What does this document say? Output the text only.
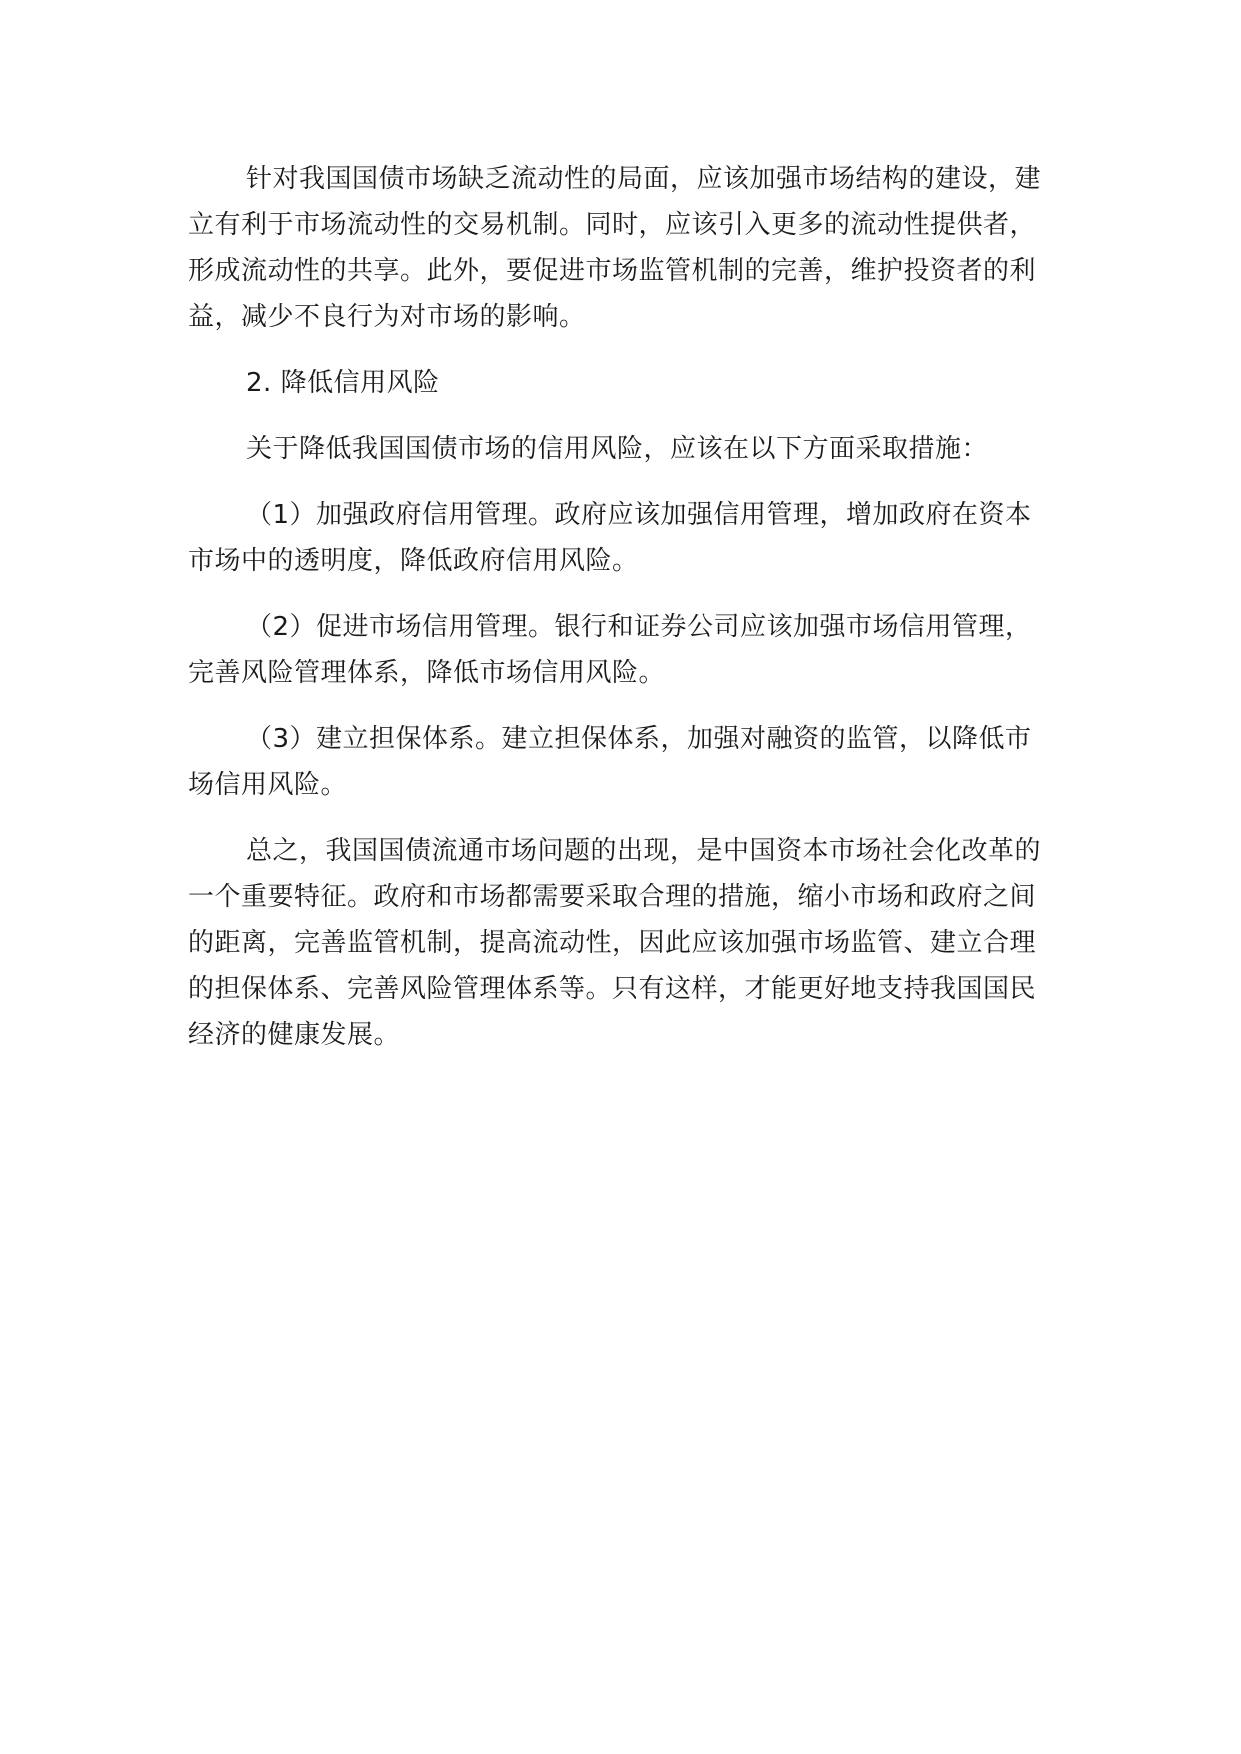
针对我国国债市场缺乏流动性的局面，应该加强市场结构的建设，建立有利于市场流动性的交易机制。同时，应该引入更多的流动性提供者，形成流动性的共享。此外，要促进市场监管机制的完善，维护投资者的利益，减少不良行为对市场的影响。

2. 降低信用风险

关于降低我国国债市场的信用风险，应该在以下方面采取措施：

（1）加强政府信用管理。政府应该加强信用管理，增加政府在资本市场中的透明度，降低政府信用风险。

（2）促进市场信用管理。银行和证券公司应该加强市场信用管理，完善风险管理体系，降低市场信用风险。

（3）建立担保体系。建立担保体系，加强对融资的监管，以降低市场信用风险。

总之，我国国债流通市场问题的出现，是中国资本市场社会化改革的一个重要特征。政府和市场都需要采取合理的措施，缩小市场和政府之间的距离，完善监管机制，提高流动性，因此应该加强市场监管、建立合理的担保体系、完善风险管理体系等。只有这样，才能更好地支持我国国民经济的健康发展。
